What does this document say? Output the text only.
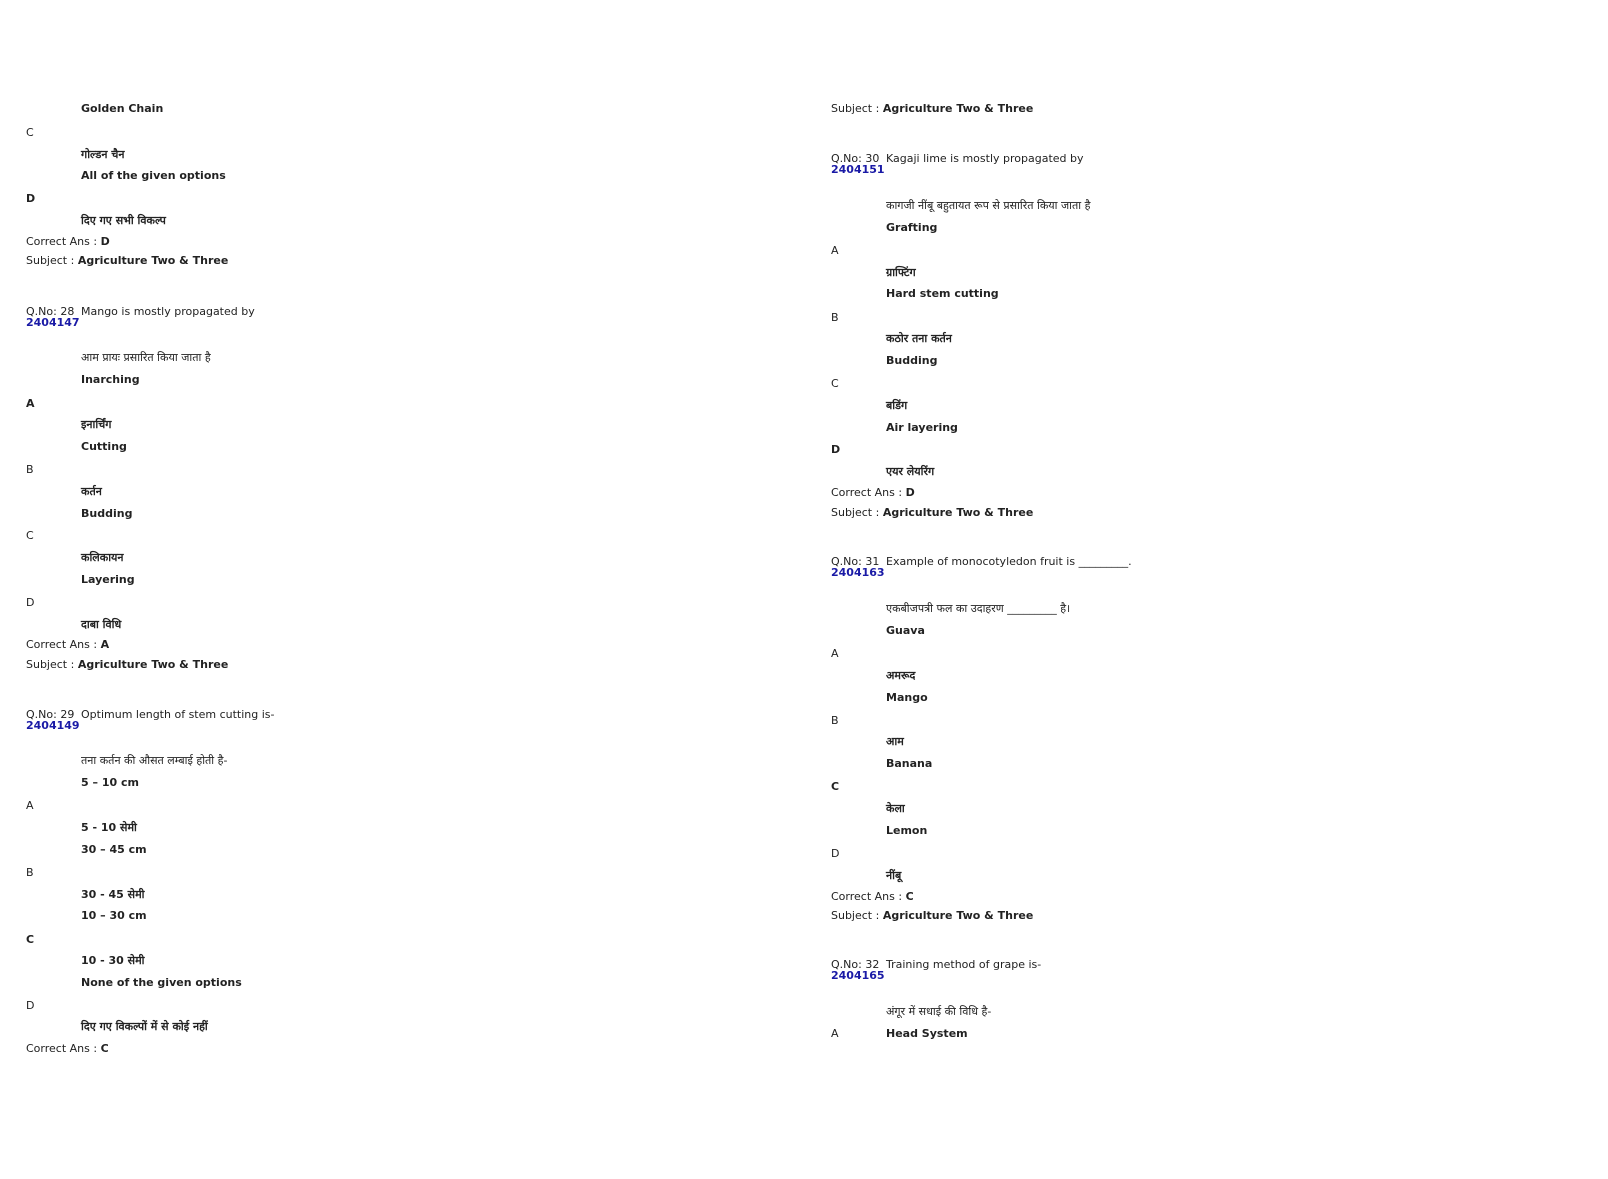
Golden Chain
C
गोल्डन चैन
All of the given options
D
दिए गए सभी विकल्प
Correct Ans : D
Subject : Agriculture Two & Three
Q.No: 28
2404147
Mango is mostly propagated by
आम प्रायः प्रसारित किया जाता है
Inarching
A
इनार्चिंग
Cutting
B
कर्तन
Budding
C
कलिकायन
Layering
D
दाबा विधि
Correct Ans : A
Subject : Agriculture Two & Three
Q.No: 29
2404149
Optimum length of stem cutting is-
तना कर्तन की औसत लम्बाई होती है-
5 – 10 cm
A
5 - 10 सेमी
30 – 45 cm
B
30 - 45 सेमी
10 – 30 cm
C
10 - 30 सेमी
None of the given options
D
दिए गए विकल्पों में से कोई नहीं
Correct Ans : C
Subject : Agriculture Two & Three
Q.No: 30
2404151
Kagaji lime is mostly propagated by
कागजी नींबू बहुतायत रूप से प्रसारित किया जाता है
Grafting
A
ग्राफ्टिंग
Hard stem cutting
B
कठोर तना कर्तन
Budding
C
बडिंग
Air layering
D
एयर लेयरिंग
Correct Ans : D
Subject : Agriculture Two & Three
Q.No: 31
2404163
Example of monocotyledon fruit is _________.
एकबीजपत्री फल का उदाहरण _________ है।
Guava
A
अमरूद
Mango
B
आम
Banana
C
केला
Lemon
D
नींबू
Correct Ans : C
Subject : Agriculture Two & Three
Q.No: 32
2404165
Training method of grape is-
अंगूर में सधाई की विधि है-
A	Head System
